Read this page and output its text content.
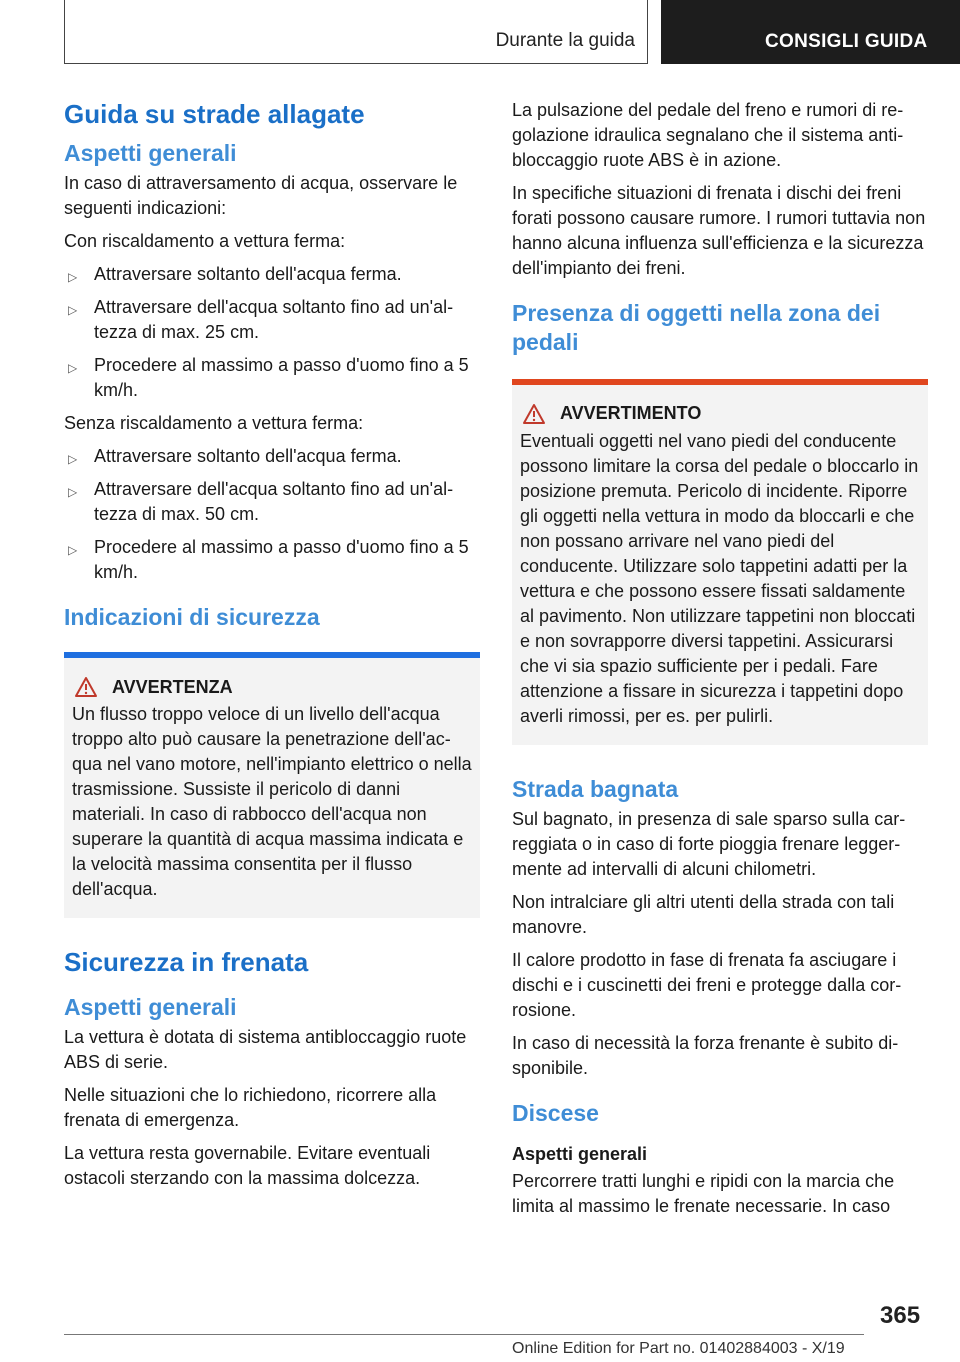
Durante la guida	CONSIGLI GUIDA
Guida su strade allagate
Aspetti generali

In caso di attraversamento di acqua, osservare le seguenti indicazioni:

Con riscaldamento a vettura ferma:

▷ Attraversare soltanto dell'acqua ferma.
▷ Attraversare dell'acqua soltanto fino ad un'altezza di max. 25 cm.
▷ Procedere al massimo a passo d'uomo fino a 5 km/h.

Senza riscaldamento a vettura ferma:

▷ Attraversare soltanto dell'acqua ferma.
▷ Attraversare dell'acqua soltanto fino ad un'altezza di max. 50 cm.
▷ Procedere al massimo a passo d'uomo fino a 5 km/h.
Indicazioni di sicurezza
AVVERTENZA

Un flusso troppo veloce di un livello dell'acqua troppo alto può causare la penetrazione dell'acqua nel vano motore, nell'impianto elettrico o nella trasmissione. Sussiste il pericolo di danni materiali. In caso di rabbocco dell'acqua non superare la quantità di acqua massima indicata e la velocità massima consentita per il flusso dell'acqua.

Sicurezza in frenata
Aspetti generali

La vettura è dotata di sistema antibloccaggio ruote ABS di serie.

Nelle situazioni che lo richiedono, ricorrere alla frenata di emergenza.

La vettura resta governabile. Evitare eventuali ostacoli sterzando con la massima dolcezza.

La pulsazione del pedale del freno e rumori di regolazione idraulica segnalano che il sistema antibloccaggio ruote ABS è in azione.

In specifiche situazioni di frenata i dischi dei freni forati possono causare rumore. I rumori tuttavia non hanno alcuna influenza sull'efficienza e la sicurezza dell'impianto dei freni.

Presenza di oggetti nella zona dei pedali
AVVERTIMENTO

Eventuali oggetti nel vano piedi del conducente possono limitare la corsa del pedale o bloccarlo in posizione premuta. Pericolo di incidente. Riporre gli oggetti nella vettura in modo da bloccarli e che non possano arrivare nel vano piedi del conducente. Utilizzare solo tappetini adatti per la vettura e che possono essere fissati saldamente al pavimento. Non utilizzare tappetini non bloccati e non sovrapporre diversi tappetini. Assicurarsi che vi sia spazio sufficiente per i pedali. Fare attenzione a fissare in sicurezza i tappetini dopo averli rimossi, per es. per pulirli.

Strada bagnata

Sul bagnato, in presenza di sale sparso sulla carreggiata o in caso di forte pioggia frenare leggermente ad intervalli di alcuni chilometri.

Non intralciare gli altri utenti della strada con tali manovre.

Il calore prodotto in fase di frenata fa asciugare i dischi e i cuscinetti dei freni e protegge dalla corrosione.

In caso di necessità la forza frenante è subito disponibile.

Discese
Aspetti generali

Percorrere tratti lunghi e ripidi con la marcia che limita al massimo le frenate necessarie. In caso

365
Online Edition for Part no. 01402884003 - X/19
